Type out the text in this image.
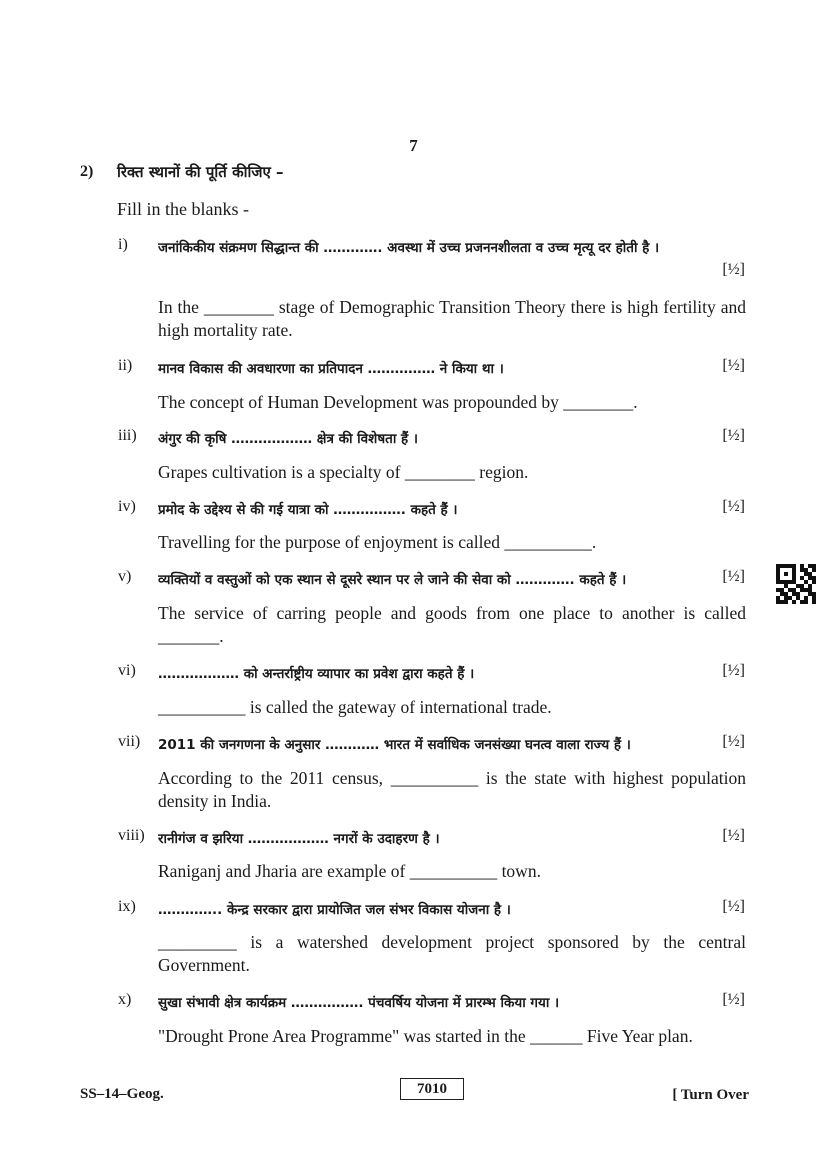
7
2) रिक्त स्थानों की पूर्ति कीजिए –
Fill in the blanks -
i) जनांकिकीय संक्रमण सिद्धान्त की …………. अवस्था में उच्च प्रजननशीलता व उच्च मृत्यू दर होती है ।
[½]
In the ________ stage of Demographic Transition Theory there is high fertility and high mortality rate.
ii) मानव विकास की अवधारणा का प्रतिपादन …………… ने किया था ।	[½]
The concept of Human Development was propounded by ________.
iii) अंगुर की कृषि ……………… क्षेत्र की विशेषता हैं ।	[½]
Grapes cultivation is a specialty of ________ region.
iv) प्रमोद के उद्देश्य से की गई यात्रा को ……………. कहते हैं ।	[½]
Travelling for the purpose of enjoyment is called __________.
v) व्यक्तियों व वस्तुओं को एक स्थान से दूसरे स्थान पर ले जाने की सेवा को …………. कहते हैं ।	[½]
The service of carring people and goods from one place to another is called _______.
vi) ……………… को अन्तर्राष्ट्रीय व्यापार का प्रवेश द्वारा कहते हैं ।	[½]
__________ is called the gateway of international trade.
vii) 2011 की जनगणना के अनुसार ………… भारत में सर्वाधिक जनसंख्या घनत्व वाला राज्य हैं ।	[½]
According to the 2011 census, __________ is the state with highest population density in India.
viii) रानीगंज व झरिया ……………… नगरों के उदाहरण है ।	[½]
Raniganj and Jharia are example of __________ town.
ix) ………….. केन्द्र सरकार द्वारा प्रायोजित जल संभर विकास योजना है ।	[½]
_________ is a watershed development project sponsored by the central Government.
x) सुखा संभावी क्षेत्र कार्यक्रम ……………. पंचवर्षिय योजना में प्रारम्भ किया गया ।	[½]
"Drought Prone Area Programme" was started in the ______ Five Year plan.
SS–14–Geog.	7010	[ Turn Over
